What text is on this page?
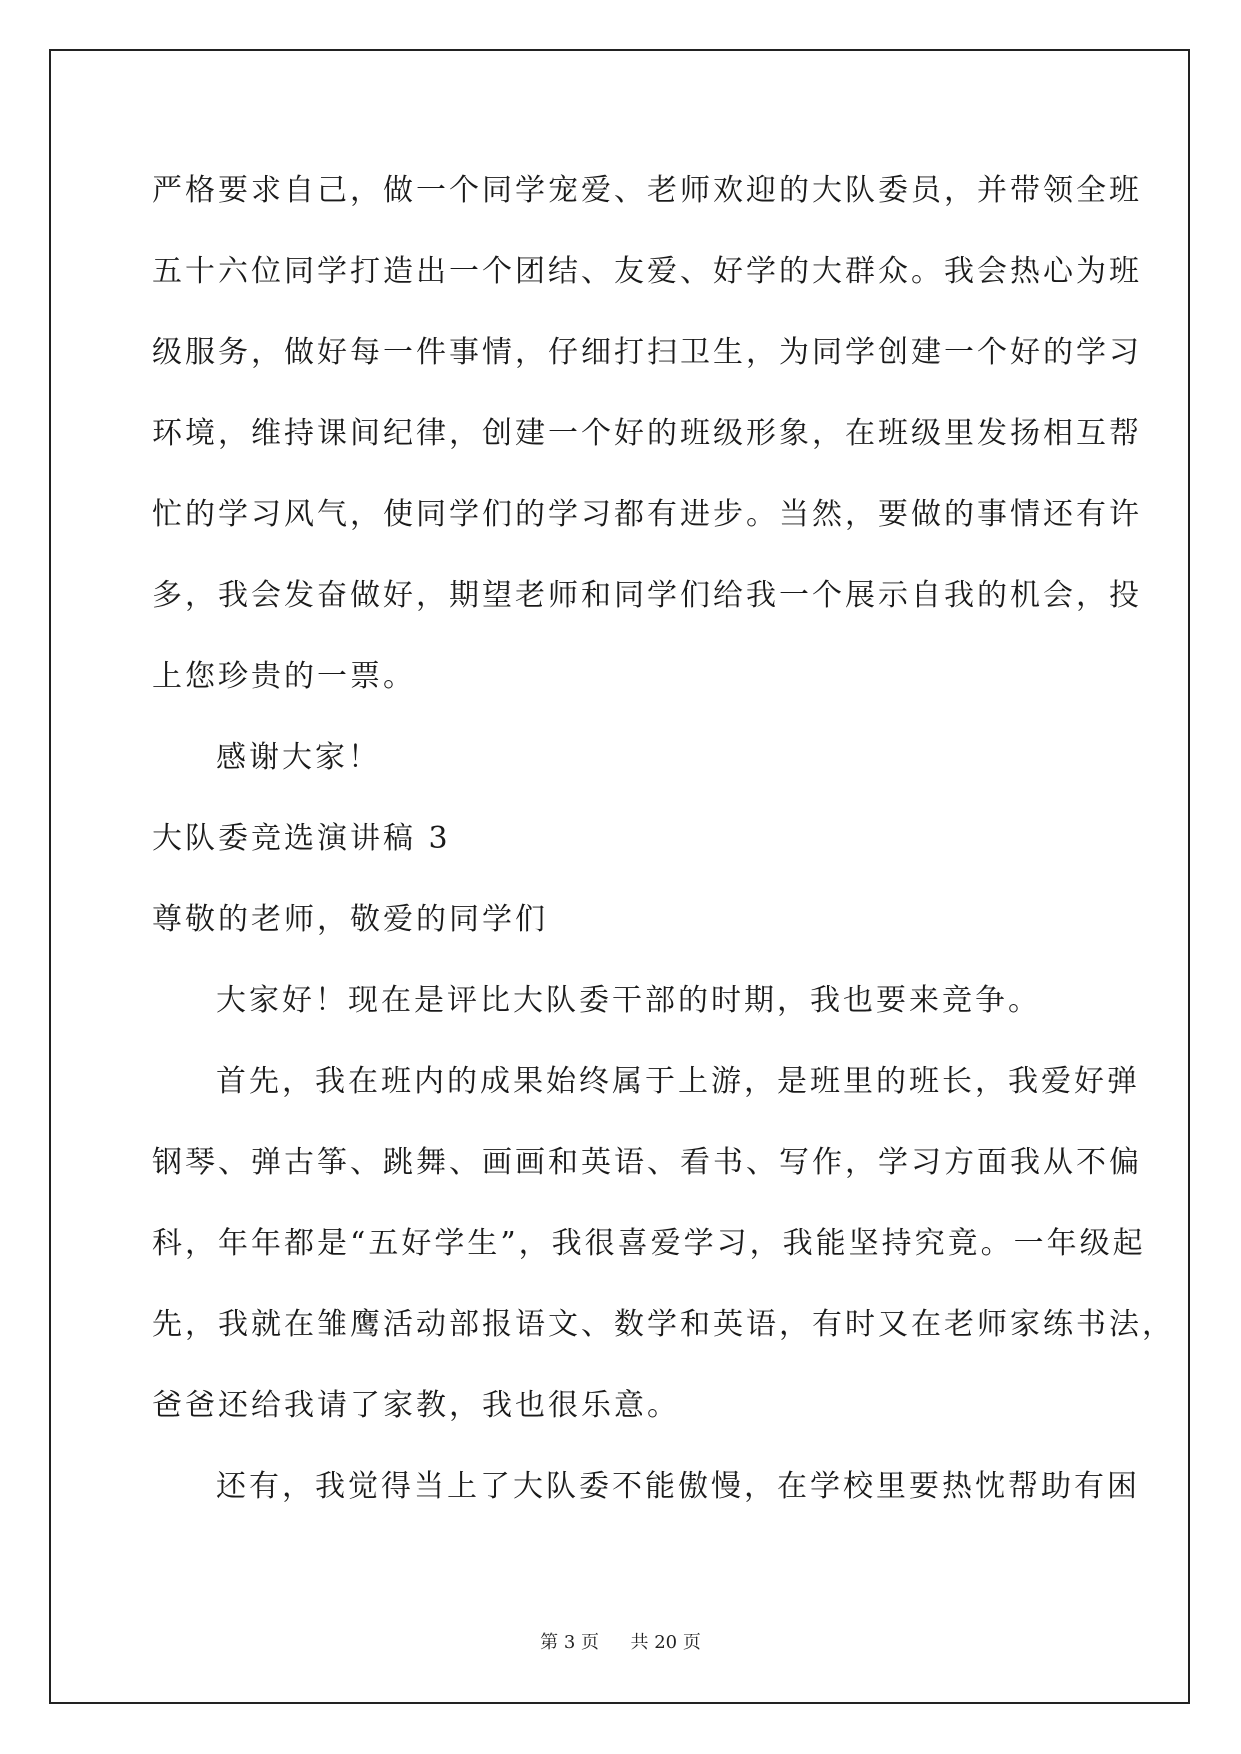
严格要求自己，做一个同学宠爱、老师欢迎的大队委员，并带领全班
五十六位同学打造出一个团结、友爱、好学的大群众。我会热心为班
级服务，做好每一件事情，仔细打扫卫生，为同学创建一个好的学习
环境，维持课间纪律，创建一个好的班级形象，在班级里发扬相互帮
忙的学习风气，使同学们的学习都有进步。当然，要做的事情还有许
多，我会发奋做好，期望老师和同学们给我一个展示自我的机会，投
上您珍贵的一票。
感谢大家！
大队委竞选演讲稿 3
尊敬的老师，敬爱的同学们
大家好！现在是评比大队委干部的时期，我也要来竞争。
首先，我在班内的成果始终属于上游，是班里的班长，我爱好弹
钢琴、弹古筝、跳舞、画画和英语、看书、写作，学习方面我从不偏
科，年年都是“五好学生”，我很喜爱学习，我能坚持究竟。一年级起
先，我就在雏鹰活动部报语文、数学和英语，有时又在老师家练书法，
爸爸还给我请了家教，我也很乐意。
还有，我觉得当上了大队委不能傲慢，在学校里要热忱帮助有困
第 3 页 共 20 页
